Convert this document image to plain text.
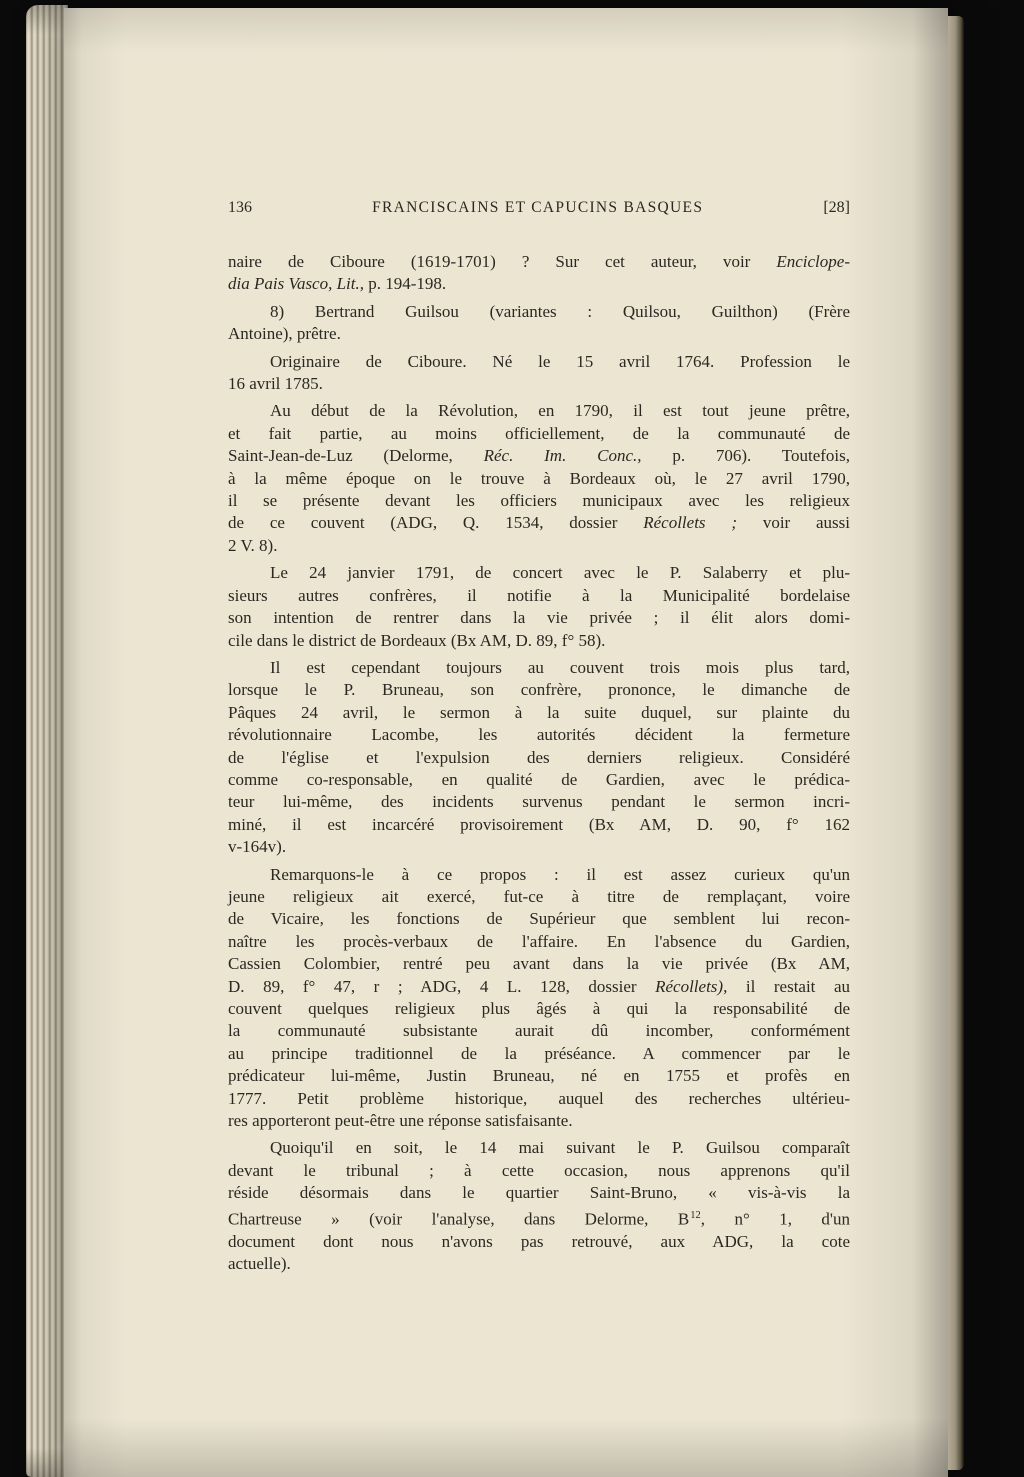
136	FRANCISCAINS ET CAPUCINS BASQUES	[28]
naire de Ciboure (1619-1701) ? Sur cet auteur, voir Enciclope-
dia Pais Vasco, Lit., p. 194-198.
8) Bertrand Guilsou (variantes : Quilsou, Guilthon) (Frère
Antoine), prêtre.
Originaire de Ciboure. Né le 15 avril 1764. Profession le
16 avril 1785.
Au début de la Révolution, en 1790, il est tout jeune prêtre,
et fait partie, au moins officiellement, de la communauté de
Saint-Jean-de-Luz (Delorme, Réc. Im. Conc., p. 706). Toutefois,
à la même époque on le trouve à Bordeaux où, le 27 avril 1790,
il se présente devant les officiers municipaux avec les religieux
de ce couvent (ADG, Q. 1534, dossier Récollets ; voir aussi
2 V. 8).
Le 24 janvier 1791, de concert avec le P. Salaberry et plu-
sieurs autres confrères, il notifie à la Municipalité bordelaise
son intention de rentrer dans la vie privée ; il élit alors domi-
cile dans le district de Bordeaux (Bx AM, D. 89, f° 58).
Il est cependant toujours au couvent trois mois plus tard,
lorsque le P. Bruneau, son confrère, prononce, le dimanche de
Pâques 24 avril, le sermon à la suite duquel, sur plainte du
révolutionnaire Lacombe, les autorités décident la fermeture
de l'église et l'expulsion des derniers religieux. Considéré
comme co-responsable, en qualité de Gardien, avec le prédica-
teur lui-même, des incidents survenus pendant le sermon incri-
miné, il est incarcéré provisoirement (Bx AM, D. 90, f° 162
v-164v).
Remarquons-le à ce propos : il est assez curieux qu'un
jeune religieux ait exercé, fut-ce à titre de remplaçant, voire
de Vicaire, les fonctions de Supérieur que semblent lui recon-
naître les procès-verbaux de l'affaire. En l'absence du Gardien,
Cassien Colombier, rentré peu avant dans la vie privée (Bx AM,
D. 89, f° 47, r ; ADG, 4 L. 128, dossier Récollets), il restait au
couvent quelques religieux plus âgés à qui la responsabilité de
la communauté subsistante aurait dû incomber, conformément
au principe traditionnel de la préséance. A commencer par le
prédicateur lui-même, Justin Bruneau, né en 1755 et profès en
1777. Petit problème historique, auquel des recherches ultérieu-
res apporteront peut-être une réponse satisfaisante.
Quoiqu'il en soit, le 14 mai suivant le P. Guilsou comparaît
devant le tribunal ; à cette occasion, nous apprenons qu'il
réside désormais dans le quartier Saint-Bruno, « vis-à-vis la
Chartreuse » (voir l'analyse, dans Delorme, $B^{12}$, n° 1, d'un
document dont nous n'avons pas retrouvé, aux ADG, la cote
actuelle).
